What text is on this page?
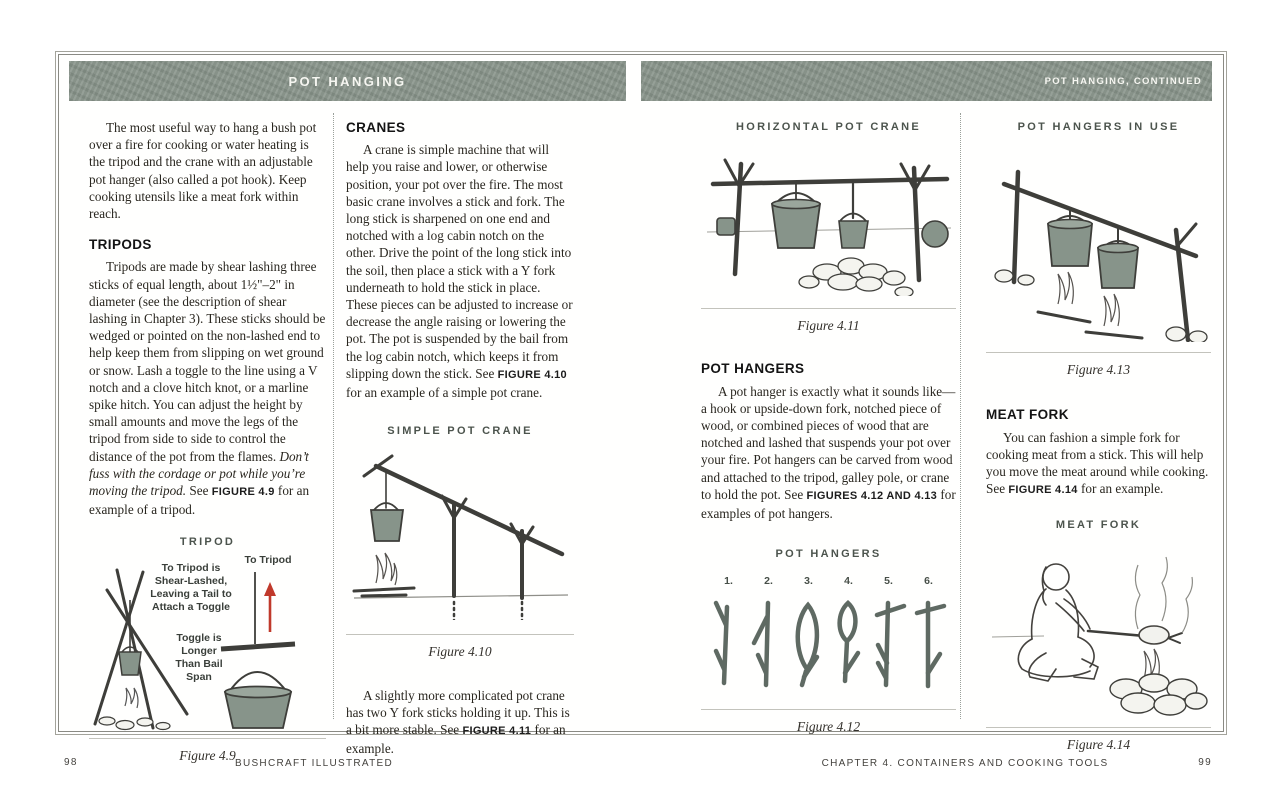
POT HANGING	POT HANGING, CONTINUED

The most useful way to hang a bush pot over a fire for cooking or water heating is the tripod and the crane with an adjustable pot hanger (also called a pot hook). Keep cooking utensils like a meat fork within reach.

TRIPODS

Tripods are made by shear lashing three sticks of equal length, about 1½"–2" in diameter (see the description of shear lashing in Chapter 3). These sticks should be wedged or pointed on the non-lashed end to help keep them from slipping on wet ground or snow. Lash a toggle to the line using a V notch and a clove hitch knot, or a marline spike hitch. You can adjust the height by small amounts and move the legs of the tripod from side to side to control the distance of the pot from the flames. Don’t fuss with the cordage or pot while you’re moving the tripod. See FIGURE 4.9 for an example of a tripod.

TRIPOD
To Tripod is Shear-Lashed, Leaving a Tail to Attach a Toggle
To Tripod
Toggle is Longer Than Bail Span

Figure 4.9

CRANES

A crane is simple machine that will help you raise and lower, or otherwise position, your pot over the fire. The most basic crane involves a stick and fork. The long stick is sharpened on one end and notched with a log cabin notch on the other. Drive the point of the long stick into the soil, then place a stick with a Y fork underneath to hold the stick in place. These pieces can be adjusted to increase or decrease the angle raising or lowering the pot. The pot is suspended by the bail from the log cabin notch, which keeps it from slipping down the stick. See FIGURE 4.10 for an example of a simple pot crane.

SIMPLE POT CRANE

Figure 4.10

A slightly more complicated pot crane has two Y fork sticks holding it up. This is a bit more stable. See FIGURE 4.11 for an example.

HORIZONTAL POT CRANE

Figure 4.11

POT HANGERS

A pot hanger is exactly what it sounds like—a hook or upside-down fork, notched piece of wood, or combined pieces of wood that are notched and lashed that suspends your pot over your fire. Pot hangers can be carved from wood and attached to the tripod, galley pole, or crane to hold the pot. See FIGURES 4.12 AND 4.13 for examples of pot hangers.

POT HANGERS
1.	2.	3.	4.	5.	6.

Figure 4.12

POT HANGERS IN USE

Figure 4.13

MEAT FORK

You can fashion a simple fork for cooking meat from a stick. This will help you move the meat around while cooking. See FIGURE 4.14 for an example.

MEAT FORK

Figure 4.14

98	BUSHCRAFT ILLUSTRATED	CHAPTER 4. CONTAINERS AND COOKING TOOLS	99
